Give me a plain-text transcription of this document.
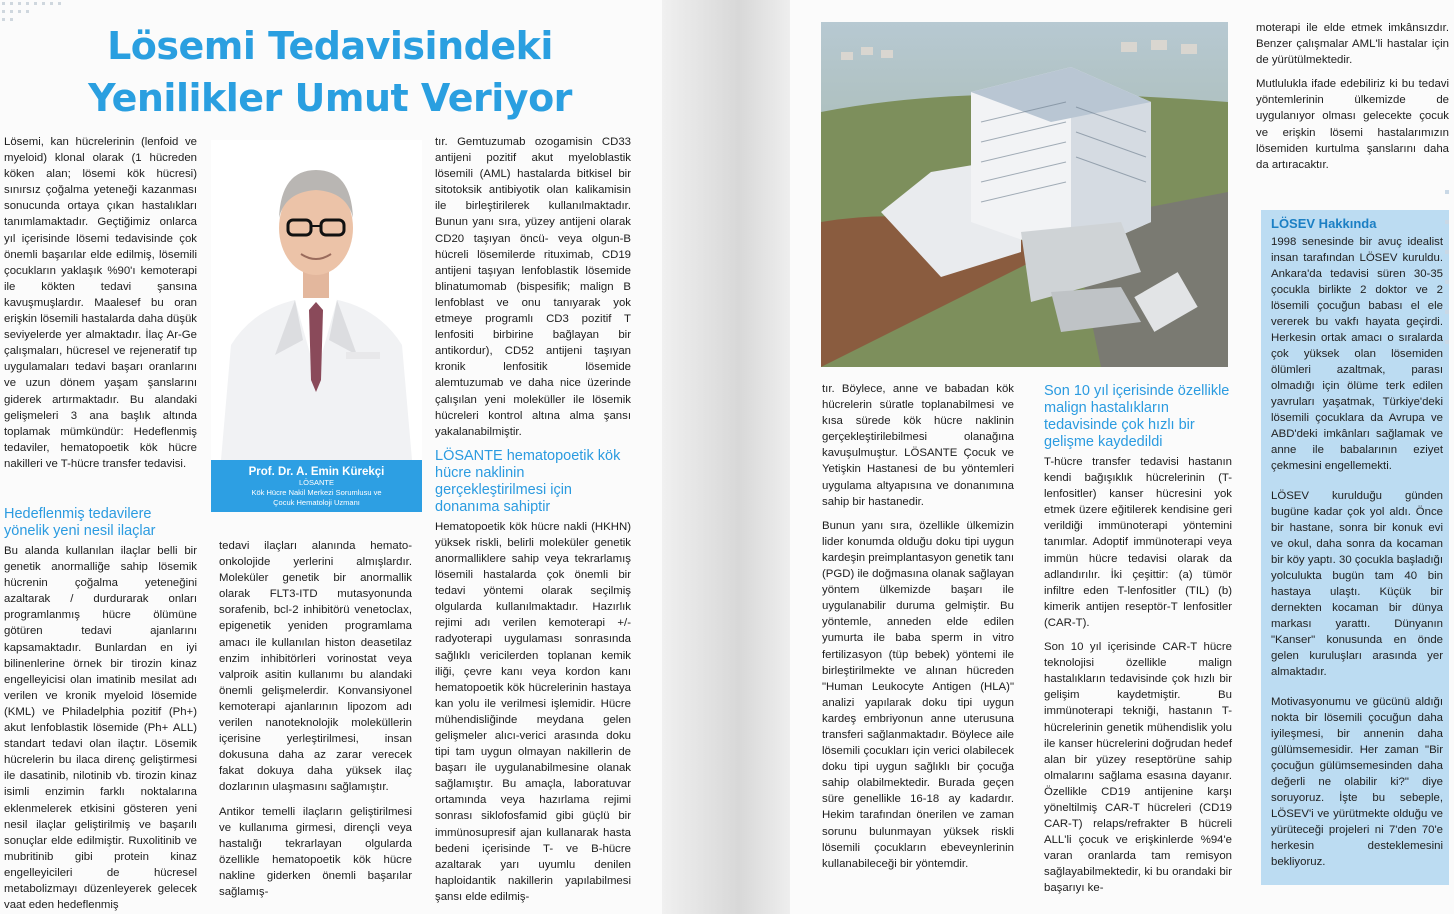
Lösemi Tedavisindeki Yenilikler Umut Veriyor

Lösemi, kan hücrelerinin (lenfoid ve myeloid) klonal olarak (1 hücreden köken alan; lösemi kök hücresi) sınırsız çoğalma yeteneği kazanması sonucunda ortaya çıkan hastalıkları tanımlamaktadır. Geçtiğimiz onlarca yıl içerisinde lösemi tedavisinde çok önemli başarılar elde edilmiş, lösemili çocukların yaklaşık %90'ı kemoterapi ile kökten tedavi şansına kavuşmuşlardır. Maalesef bu oran erişkin lösemili hastalarda daha düşük seviyelerde yer almaktadır. İlaç Ar-Ge çalışmaları, hücresel ve rejeneratif tıp uygulamaları tedavi başarı oranlarını ve uzun dönem yaşam şanslarını giderek artırmaktadır. Bu alandaki gelişmeleri 3 ana başlık altında toplamak mümkündür: Hedeflenmiş tedaviler, hematopoetik kök hücre nakilleri ve T-hücre transfer tedavisi.

Prof. Dr. A. Emin Kürekçi
LÖSANTE
Kök Hücre Nakil Merkezi Sorumlusu ve
Çocuk Hematoloji Uzmanı
Hedeflenmiş tedavilere yönelik yeni nesil ilaçlar

Bu alanda kullanılan ilaçlar belli bir genetik anormalliğe sahip lösemik hücrenin çoğalma yeteneğini azaltarak / durdurarak onları programlanmış hücre ölümüne götüren tedavi ajanlarını kapsamaktadır. Bunlardan en iyi bilinenlerine örnek bir tirozin kinaz engelleyicisi olan imatinib mesilat adı verilen ve kronik myeloid lösemide (KML) ve Philadelphia pozitif (Ph+) akut lenfoblastik lösemide (Ph+ ALL) standart tedavi olan ilaçtır. Lösemik hücrelerin bu ilaca direnç geliştirmesi ile dasatinib, nilotinib vb. tirozin kinaz isimli enzimin farklı noktalarına eklenmelerek etkisini gösteren yeni nesil ilaçlar geliştirilmiş ve başarılı sonuçlar elde edilmiştir. Ruxolitinib ve mubritinib gibi protein kinaz engelleyicileri de hücresel metabolizmayı düzenleyerek gelecek vaat eden hedeflenmiş

tedavi ilaçları alanında hemato-onkolojide yerlerini almışlardır. Moleküler genetik bir anormallik olarak FLT3-ITD mutasyonunda sorafenib, bcl-2 inhibitörü venetoclax, epigenetik yeniden programlama amacı ile kullanılan histon deasetilaz enzim inhibitörleri vorinostat veya valproik asitin kullanımı bu alandaki önemli gelişmelerdir. Konvansiyonel kemoterapi ajanlarının lipozom adı verilen nanoteknolojik moleküllerin içerisine yerleştirilmesi, insan dokusuna daha az zarar verecek fakat dokuya daha yüksek ilaç dozlarının ulaşmasını sağlamıştır.

Antikor temelli ilaçların geliştirilmesi ve kullanıma girmesi, dirençli veya hastalığı tekrarlayan olgularda özellikle hematopoetik kök hücre nakline giderken önemli başarılar sağlamış-

tır. Gemtuzumab ozogamisin CD33 antijeni pozitif akut myeloblastik lösemili (AML) hastalarda bitkisel bir sitotoksik antibiyotik olan kalikamisin ile birleştirilerek kullanılmaktadır. Bunun yanı sıra, yüzey antijeni olarak CD20 taşıyan öncü- veya olgun-B hücreli lösemilerde rituximab, CD19 antijeni taşıyan lenfoblastik lösemide blinatumomab (bispesifik; malign B lenfoblast ve onu tanıyarak yok etmeye programlı CD3 pozitif T lenfositi birbirine bağlayan bir antikordur), CD52 antijeni taşıyan kronik lenfositik lösemide alemtuzumab ve daha nice üzerinde çalışılan yeni moleküller ile lösemik hücreleri kontrol altına alma şansı yakalanabilmiştir.

LÖSANTE hematopoetik kök hücre naklinin gerçekleştirilmesi için donanıma sahiptir

Hematopoetik kök hücre nakli (HKHN) yüksek riskli, belirli moleküler genetik anormalliklere sahip veya tekrarlamış lösemili hastalarda çok önemli bir tedavi yöntemi olarak seçilmiş olgularda kullanılmaktadır. Hazırlık rejimi adı verilen kemoterapi +/- radyoterapi uygulaması sonrasında sağlıklı vericilerden toplanan kemik iliği, çevre kanı veya kordon kanı hematopoetik kök hücrelerinin hastaya kan yolu ile verilmesi işlemidir. Hücre mühendisliğinde meydana gelen gelişmeler alıcı-verici arasında doku tipi tam uygun olmayan nakillerin de başarı ile uygulanabilmesine olanak sağlamıştır. Bu amaçla, laboratuvar ortamında veya hazırlama rejimi sonrası siklofosfamid gibi güçlü bir immünosupresif ajan kullanarak hasta bedeni içerisinde T- ve B-hücre azaltarak yarı uyumlu denilen haploidantik nakillerin yapılabilmesi şansı elde edilmiş-

tır. Böylece, anne ve babadan kök hücrelerin süratle toplanabilmesi ve kısa sürede kök hücre naklinin gerçekleştirilebilmesi olanağına kavuşulmuştur. LÖSANTE Çocuk ve Yetişkin Hastanesi de bu yöntemleri uygulama altyapısına ve donanımına sahip bir hastanedir.

Bunun yanı sıra, özellikle ülkemizin lider konumda olduğu doku tipi uygun kardeşin preimplantasyon genetik tanı (PGD) ile doğmasına olanak sağlayan yöntem ülkemizde başarı ile uygulanabilir duruma gelmiştir. Bu yöntemle, anneden elde edilen yumurta ile baba sperm in vitro fertilizasyon (tüp bebek) yöntemi ile birleştirilmekte ve alınan hücreden "Human Leukocyte Antigen (HLA)" analizi yapılarak doku tipi uygun kardeş embriyonun anne uterusuna transferi sağlanmaktadır. Böylece aile lösemili çocukları için verici olabilecek doku tipi uygun sağlıklı bir çocuğa sahip olabilmektedir. Burada geçen süre genellikle 16-18 ay kadardır. Hekim tarafından önerilen ve zaman sorunu bulunmayan yüksek riskli lösemili çocukların ebeveynlerinin kullanabileceği bir yöntemdir.

Son 10 yıl içerisinde özellikle malign hastalıkların tedavisinde çok hızlı bir gelişme kaydedildi

T-hücre transfer tedavisi hastanın kendi bağışıklık hücrelerinin (T-lenfositler) kanser hücresini yok etmek üzere eğitilerek kendisine geri verildiği immünoterapi yöntemini tanımlar. Adoptif immünoterapi veya immün hücre tedavisi olarak da adlandırılır. İki çeşittir: (a) tümör infiltre eden T-lenfositler (TIL) (b) kimerik antijen reseptör-T lenfositler (CAR-T).

Son 10 yıl içerisinde CAR-T hücre teknolojisi özellikle malign hastalıkların tedavisinde çok hızlı bir gelişim kaydetmiştir. Bu immünoterapi tekniği, hastanın T-hücrelerinin genetik mühendislik yolu ile kanser hücrelerini doğrudan hedef alan bir yüzey reseptörüne sahip olmalarını sağlama esasına dayanır. Özellikle CD19 antijenine karşı yöneltilmiş CAR-T hücreleri (CD19 CAR-T) relaps/refrakter B hücreli ALL'li çocuk ve erişkinlerde %94'e varan oranlarda tam remisyon sağlayabilmektedir, ki bu orandaki bir başarıyı ke-

moterapi ile elde etmek imkânsızdır. Benzer çalışmalar AML'li hastalar için de yürütülmektedir.

Mutlulukla ifade edebiliriz ki bu tedavi yöntemlerinin ülkemizde de uygulanıyor olması gelecekte çocuk ve erişkin lösemi hastalarımızın lösemiden kurtulma şanslarını daha da artıracaktır.

LÖSEV Hakkında

1998 senesinde bir avuç idealist insan tarafından LÖSEV kuruldu. Ankara'da tedavisi süren 30-35 çocukla birlikte 2 doktor ve 2 lösemili çocuğun babası el ele vererek bu vakfı hayata geçirdi. Herkesin ortak amacı o sıralarda çok yüksek olan lösemiden ölümleri azaltmak, parası olmadığı için ölüme terk edilen yavruları yaşatmak, Türkiye'deki lösemili çocuklara da Avrupa ve ABD'deki imkânları sağlamak ve anne ile babalarının eziyet çekmesini engellemekti.

LÖSEV kurulduğu günden bugüne kadar çok yol aldı. Önce bir hastane, sonra bir konuk evi ve okul, daha sonra da kocaman bir köy yaptı. 30 çocukla başladığı yolculukta bugün tam 40 bin hastaya ulaştı. Küçük bir dernekten kocaman bir dünya markası yarattı. Dünyanın "Kanser" konusunda en önde gelen kuruluşları arasında yer almaktadır.

Motivasyonumu ve gücünü aldığı nokta bir lösemili çocuğun daha iyileşmesi, bir annenin daha gülümsemesidir. Her zaman "Bir çocuğun gülümsemesinden daha değerli ne olabilir ki?" diye soruyoruz. İşte bu sebeple, LÖSEV'i ve yürütmekte olduğu ve yürüteceği projeleri ni 7'den 70'e herkesin desteklemesini bekliyoruz.
